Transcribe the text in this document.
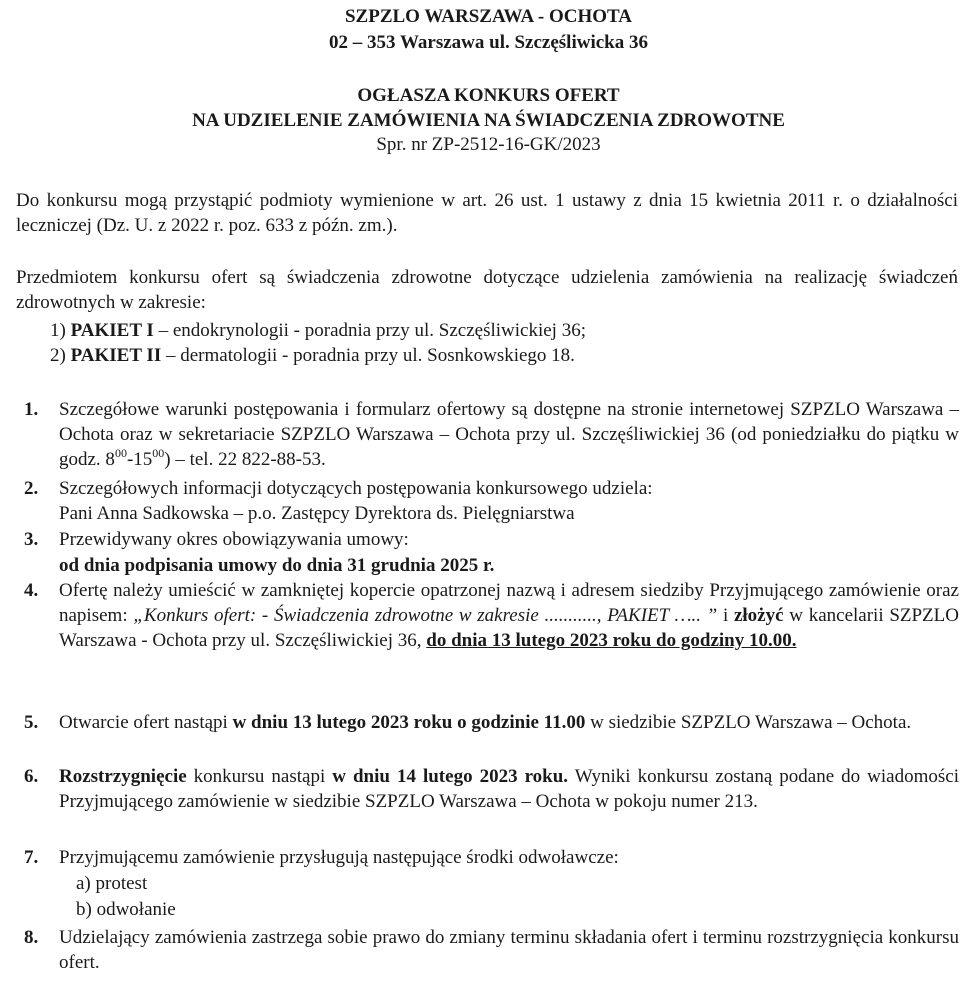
SZPZLO WARSZAWA - OCHOTA
02 – 353 Warszawa ul. Szczęśliwicka 36
OGŁASZA KONKURS OFERT
NA UDZIELENIE ZAMÓWIENIA NA ŚWIADCZENIA ZDROWOTNE
Spr. nr ZP-2512-16-GK/2023
Do konkursu mogą przystąpić podmioty wymienione w art. 26 ust. 1 ustawy z dnia 15 kwietnia 2011 r. o działalności leczniczej (Dz. U. z 2022 r. poz. 633 z późn. zm.).
Przedmiotem konkursu ofert są świadczenia zdrowotne dotyczące udzielenia zamówienia na realizację świadczeń zdrowotnych w zakresie:
1) PAKIET I – endokrynologii - poradnia przy ul. Szczęśliwickiej 36;
2) PAKIET II – dermatologii - poradnia przy ul. Sosnkowskiego 18.
1. Szczegółowe warunki postępowania i formularz ofertowy są dostępne na stronie internetowej SZPZLO Warszawa – Ochota oraz w sekretariacie SZPZLO Warszawa – Ochota przy ul. Szczęśliwickiej 36 (od poniedziałku do piątku w godz. $8^{00}-15^{00}$) – tel. 22 822-88-53.
2. Szczegółowych informacji dotyczących postępowania konkursowego udziela:
Pani Anna Sadkowska – p.o. Zastępcy Dyrektora ds. Pielęgniarstwa
3. Przewidywany okres obowiązywania umowy:
od dnia podpisania umowy do dnia 31 grudnia 2025 r.
4. Ofertę należy umieścić w zamkniętej kopercie opatrzonej nazwą i adresem siedziby Przyjmującego zamówienie oraz napisem: „Konkurs ofert: - Świadczenia zdrowotne w zakresie ..........., PAKIET ….. ” i złożyć w kancelarii SZPZLO Warszawa - Ochota przy ul. Szczęśliwickiej 36, do dnia 13 lutego 2023 roku do godziny 10.00.
5. Otwarcie ofert nastąpi w dniu 13 lutego 2023 roku o godzinie 11.00 w siedzibie SZPZLO Warszawa – Ochota.
6. Rozstrzygnięcie konkursu nastąpi w dniu 14 lutego 2023 roku. Wyniki konkursu zostaną podane do wiadomości Przyjmującego zamówienie w siedzibie SZPZLO Warszawa – Ochota w pokoju numer 213.
7. Przyjmującemu zamówienie przysługują następujące środki odwoławcze:
a) protest
b) odwołanie
8. Udzielający zamówienia zastrzega sobie prawo do zmiany terminu składania ofert i terminu rozstrzygnięcia konkursu ofert.
